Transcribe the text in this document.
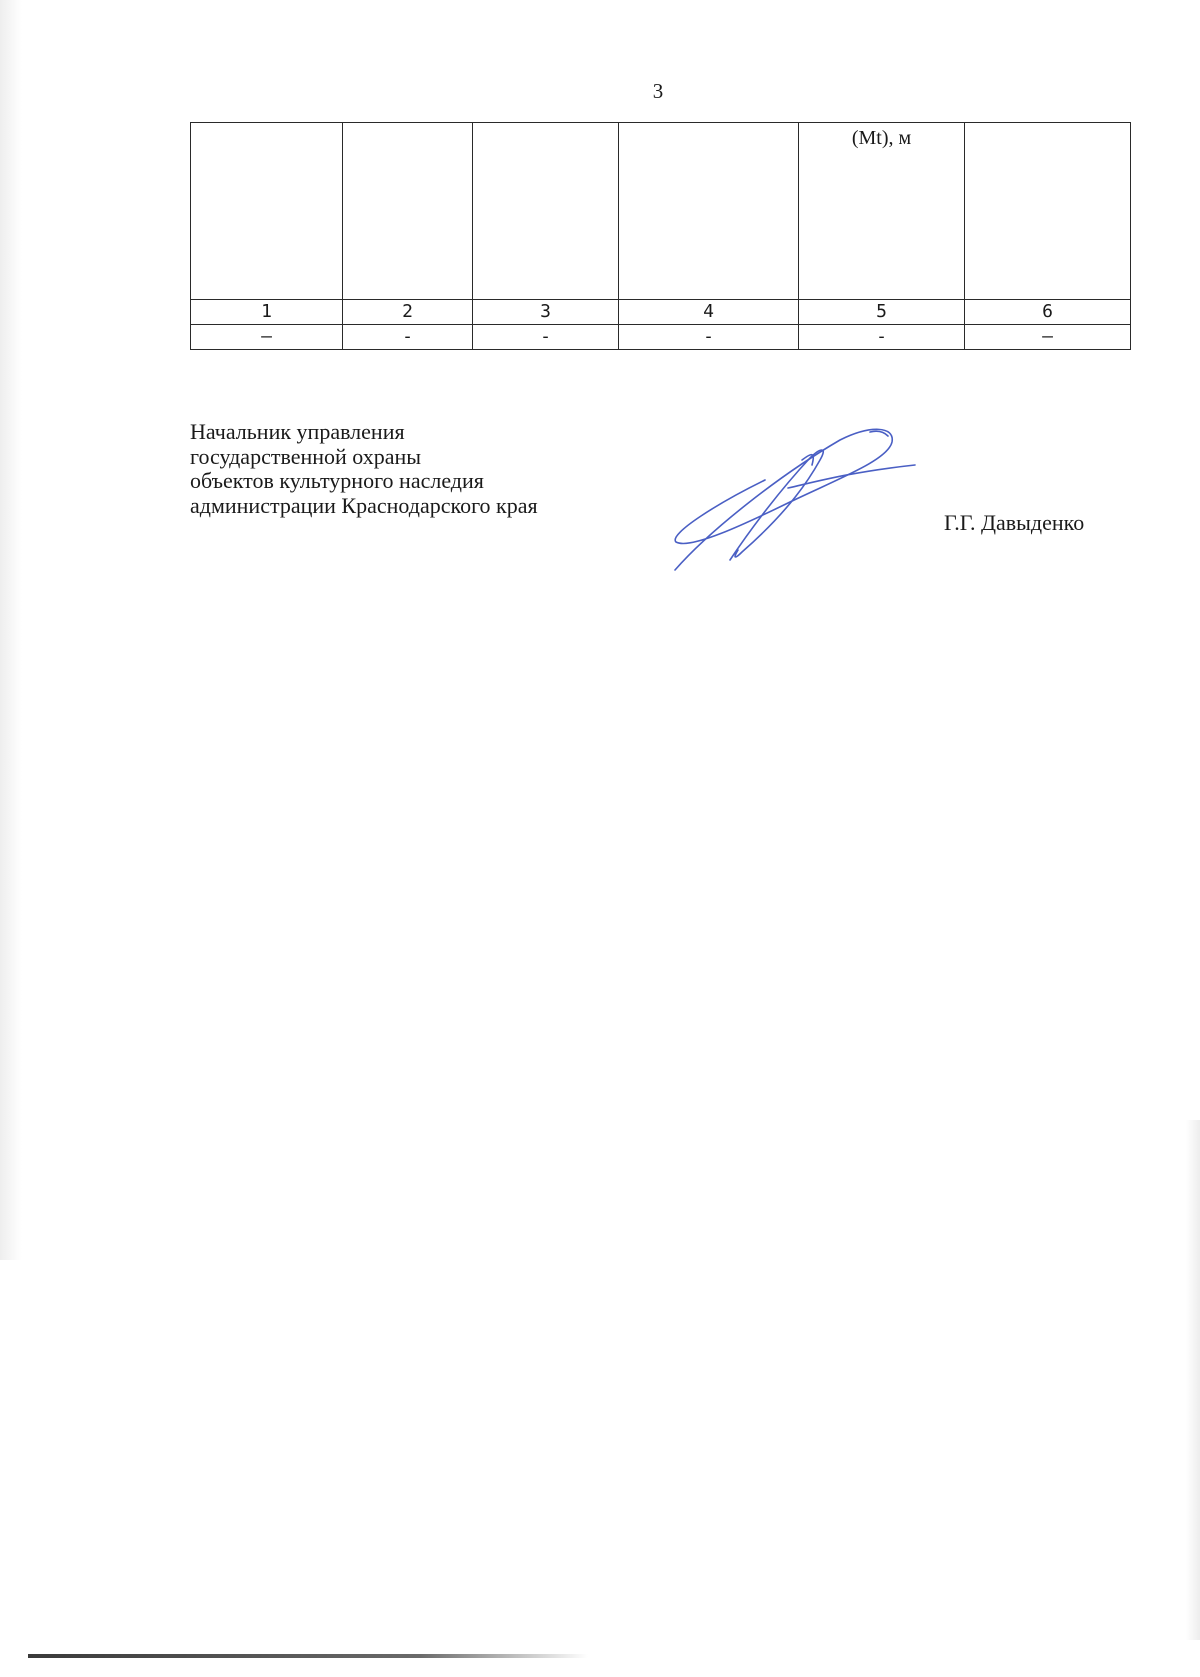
3

				(Mt), м	

1	2	3	4	5	6
–	-	-	-	-	–
Начальник управления
государственной охраны
объектов культурного наследия
администрации Краснодарского края
Г.Г. Давыденко
